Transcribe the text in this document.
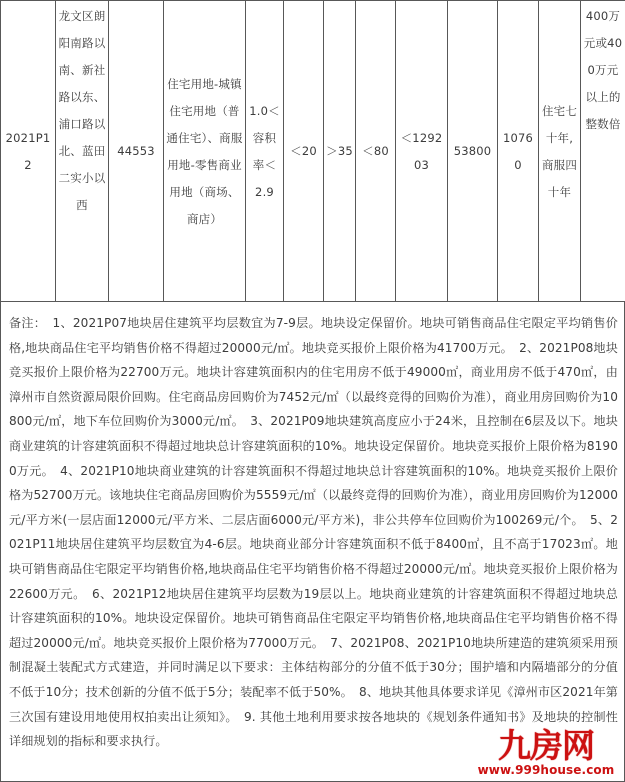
2021P12	龙文区朗阳南路以南、新社路以东、浦口路以北、蓝田二实小以西	44553	住宅用地-城镇住宅用地（普通住宅）、商服用地-零售商业用地（商场、商店）	1.0＜容积率＜2.9	＜20	＞35	＜80	＜129203	53800	10760	住宅七十年,商服四十年	400万元或400万元以上的整数倍
备注：　1、2021P07地块居住建筑平均层数宜为7-9层。地块设定保留价。地块可销售商品住宅限定平均销售价格,地块商品住宅平均销售价格不得超过20000元/㎡。地块竞买报价上限价格为41700万元。　2、2021P08地块竞买报价上限价格为22700万元。地块计容建筑面积内的住宅用房不低于49000㎡，商业用房不低于470㎡，由漳州市自然资源局限价回购。住宅商品房回购价为7452元/㎡（以最终竞得的回购价为准），商业用房回购价为10800元/㎡，地下车位回购价为3000元/㎡。　3、2021P09地块建筑高度应小于24米，且控制在6层及以下。地块商业建筑的计容建筑面积不得超过地块总计容建筑面积的10%。地块设定保留价。地块竞买报价上限价格为81900万元。　4、2021P10地块商业建筑的计容建筑面积不得超过地块总计容建筑面积的10%。地块竞买报价上限价格为52700万元。该地块住宅商品房回购价为5559元/㎡（以最终竞得的回购价为准），商业用房回购价为12000元/平方米(一层店面12000元/平方米、二层店面6000元/平方米)，非公共停车位回购价为100269元/个。　5、2021P11地块居住建筑平均层数宜为4-6层。地块商业部分计容建筑面积不低于8400㎡，且不高于17023㎡。地块可销售商品住宅限定平均销售价格,地块商品住宅平均销售价格不得超过20000元/㎡。地块竞买报价上限价格为22600万元。　6、2021P12地块居住建筑平均层数为19层以上。地块商业建筑的计容建筑面积不得超过地块总计容建筑面积的10%。地块设定保留价。地块可销售商品住宅限定平均销售价格,地块商品住宅平均销售价格不得超过20000元/㎡。地块竞买报价上限价格为77000万元。　7、2021P08、2021P10地块所建造的建筑须采用预制混凝土装配式方式建造，并同时满足以下要求：主体结构部分的分值不低于30分；围护墙和内隔墙部分的分值不低于10分；技术创新的分值不低于5分；装配率不低于50%。　8、地块其他具体要求详见《漳州市区2021年第三次国有建设用地使用权拍卖出让须知》。　9. 其他土地利用要求按各地块的《规划条件通知书》及地块的控制性详细规划的指标和要求执行。	九房网
www.999house.com
